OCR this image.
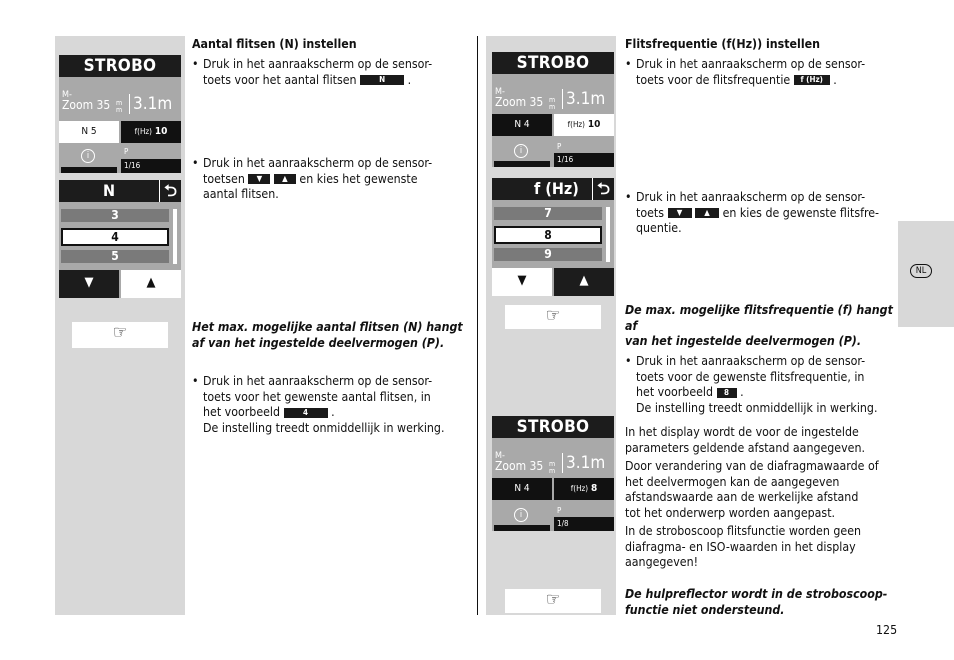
NL
STROBO
M-
Zoom 35 m
m 3.1m
N 5	f(Hz) 10
i	P
1/16
N	⮌
3
4
5
▼	▲
☞
Aantal flitsen (N) instellen
• Druk in het aanraakscherm op de sensor-
toets voor het aantal flitsen	N .
• Druk in het aanraakscherm op de sensor-
toetsen ▼ ▲ en kies het gewenste
aantal flitsen.
Het max. mogelijke aantal flitsen (N) hangt
af van het ingestelde deelvermogen (P).
• Druk in het aanraakscherm op de sensor-
toets voor het gewenste aantal flitsen, in
het voorbeeld	4 .
De instelling treedt onmiddellijk in werking.
STROBO
M-
Zoom 35 m
m 3.1m
N 4	f(Hz) 10
i	P
1/16
f (Hz)	⮌
7
8
9
▼	▲
☞
STROBO
M-
Zoom 35 m
m 3.1m
N 4	f(Hz) 8
i	P
1/8
☞
Flitsfrequentie (f(Hz)) instellen
• Druk in het aanraakscherm op de sensor-
toets voor de flitsfrequentie f (Hz) .
• Druk in het aanraakscherm op de sensor-
toets ▼	▲ en kies de gewenste flitsfre-
quentie.
De max. mogelijke flitsfrequentie (f) hangt af
van het ingestelde deelvermogen (P).
• Druk in het aanraakscherm op de sensor-
toets voor de gewenste flitsfrequentie, in
het voorbeeld 8 .
De instelling treedt onmiddellijk in werking.
In het display wordt de voor de ingestelde
parameters geldende afstand aangegeven.

Door verandering van de diafragmawaarde of
het deelvermogen kan de aangegeven
afstandswaarde aan de werkelijke afstand
tot het onderwerp worden aangepast.

In de stroboscoop flitsfunctie worden geen
diafragma- en ISO-waarden in het display
aangegeven!
De hulpreflector wordt in de stroboscoop-
functie niet ondersteund.
125
